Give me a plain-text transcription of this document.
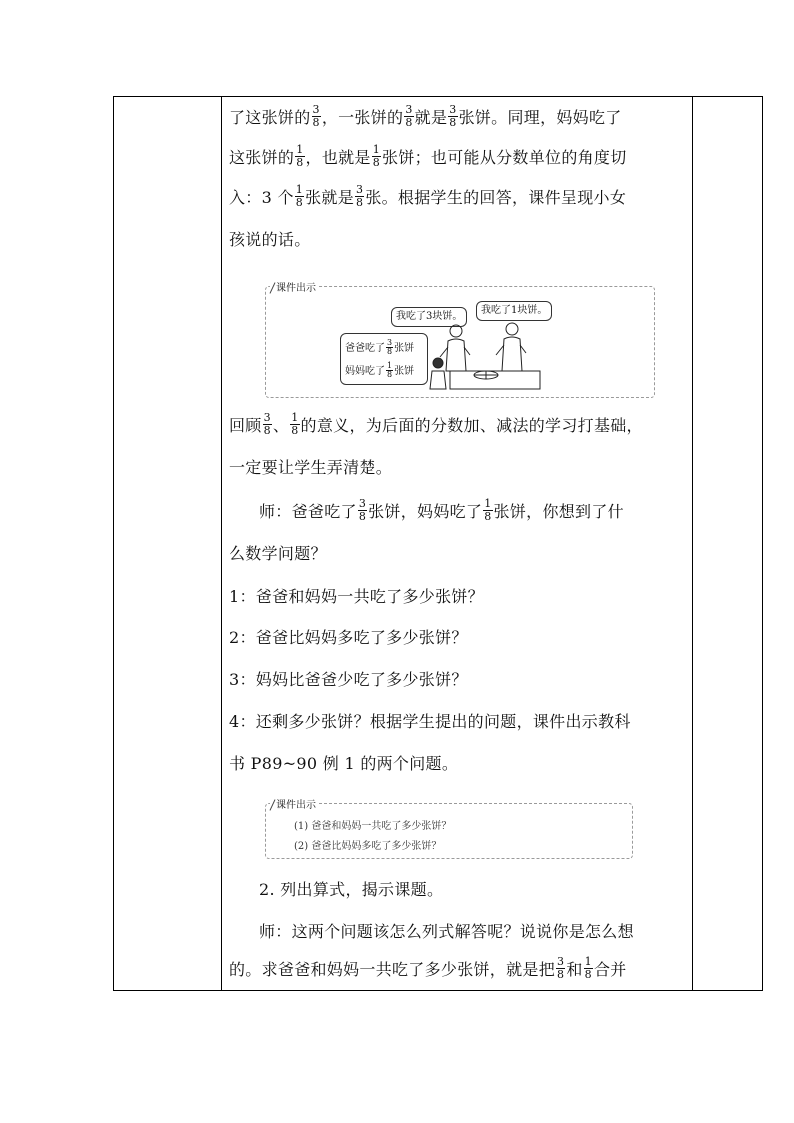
了这张饼的 $\frac{3}{8}$ ，一张饼的 $\frac{3}{8}$ 就是 $\frac{3}{8}$ 张饼。同理，妈妈吃了
这张饼的 $\frac{1}{8}$ ，也就是 $\frac{1}{8}$ 张饼；也可能从分数单位的角度切
入：3 个 $\frac{1}{8}$ 张就是 $\frac{3}{8}$ 张。根据学生的回答，课件呈现小女
孩说的话。
课件出示
我吃了3块饼。
我吃了1块饼。
爸爸吃了 $\frac{3}{8}$ 张饼
妈妈吃了 $\frac{1}{8}$ 张饼
回顾 $\frac{3}{8}$ 、 $\frac{1}{8}$ 的意义，为后面的分数加、减法的学习打基础，
一定要让学生弄清楚。
师：爸爸吃了 $\frac{3}{8}$ 张饼，妈妈吃了 $\frac{1}{8}$ 张饼，你想到了什
么数学问题？
1：爸爸和妈妈一共吃了多少张饼？
2：爸爸比妈妈多吃了多少张饼？
3：妈妈比爸爸少吃了多少张饼？
4：还剩多少张饼？根据学生提出的问题，课件出示教科
书 P89~90 例 1 的两个问题。
课件出示
(1) 爸爸和妈妈一共吃了多少张饼？
(2) 爸爸比妈妈多吃了多少张饼？
2. 列出算式，揭示课题。
师：这两个问题该怎么列式解答呢？说说你是怎么想
的。求爸爸和妈妈一共吃了多少张饼，就是把 $\frac{3}{8}$ 和 $\frac{1}{8}$ 合并
